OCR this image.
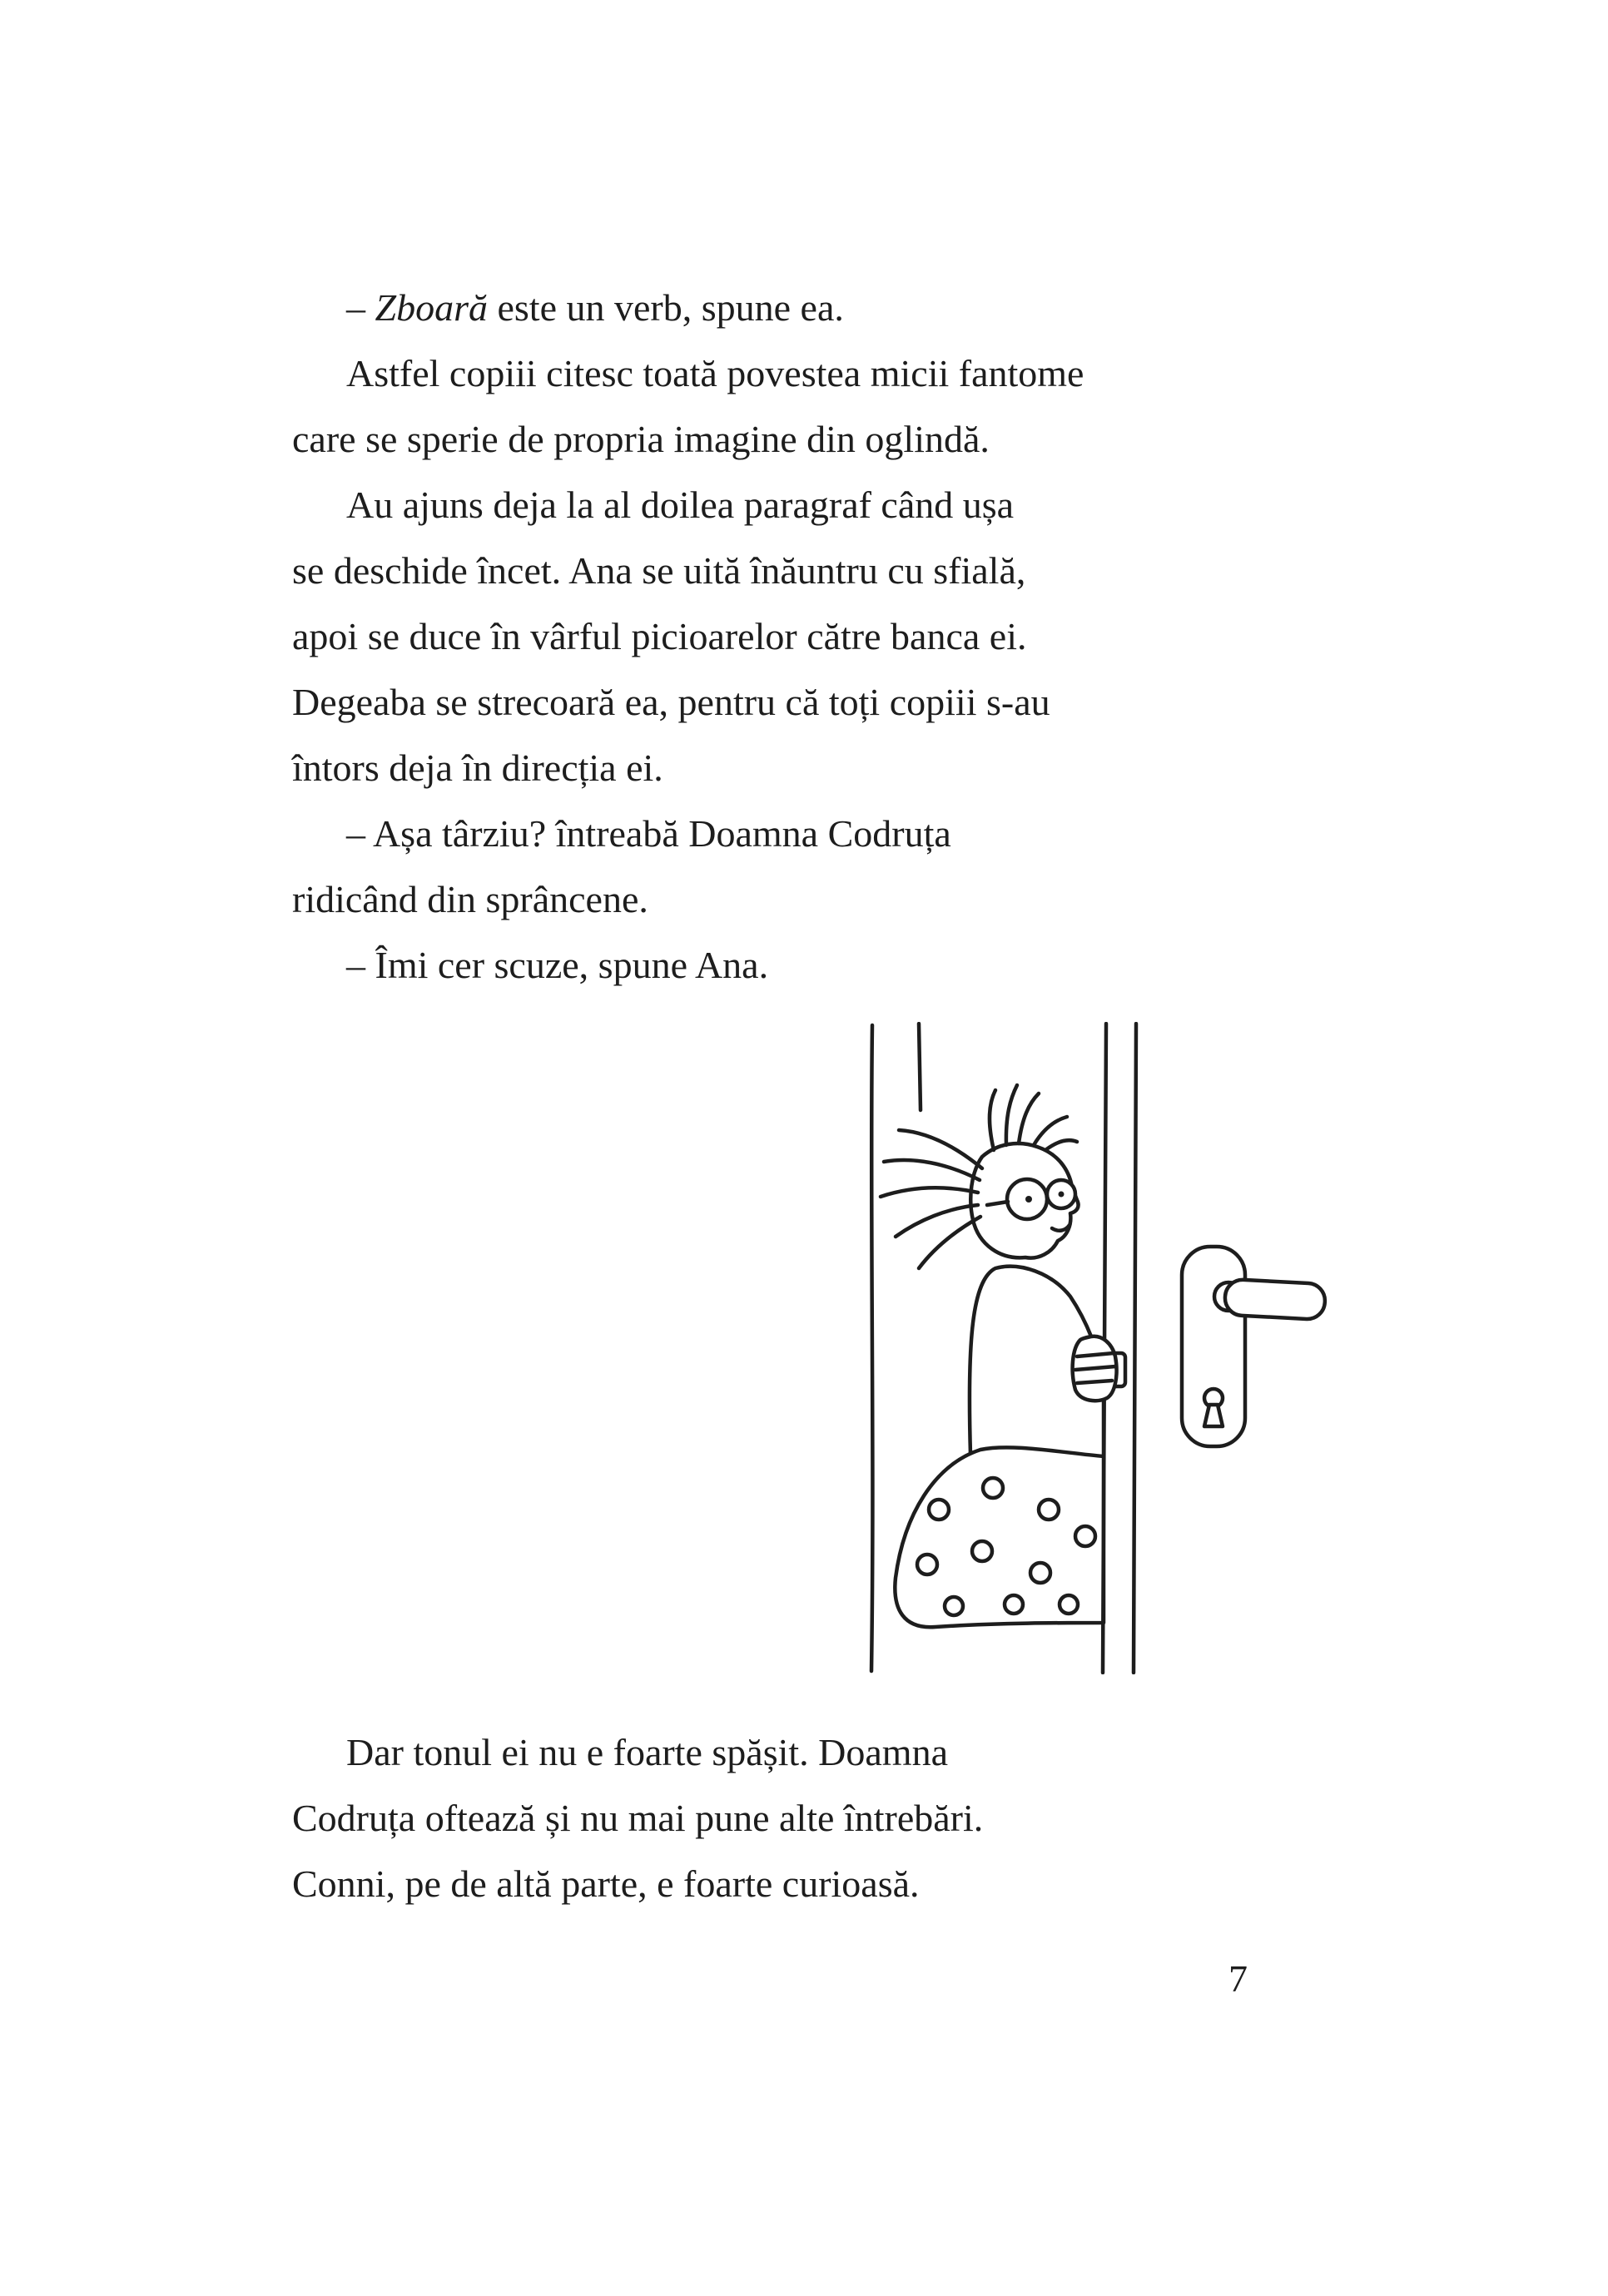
– Zboară este un verb, spune ea.
Astfel copiii citesc toată povestea micii fantome
care se sperie de propria imagine din oglindă.
Au ajuns deja la al doilea paragraf când ușa
se deschide încet. Ana se uită înăuntru cu sfială,
apoi se duce în vârful picioarelor către banca ei.
Degeaba se strecoară ea, pentru că toți copiii s-au
întors deja în direcția ei.
– Așa târziu? întreabă Doamna Codruța
ridicând din sprâncene.
– Îmi cer scuze, spune Ana.
Dar tonul ei nu e foarte spășit. Doamna
Codruța oftează și nu mai pune alte întrebări.
Conni, pe de altă parte, e foarte curioasă.
7
